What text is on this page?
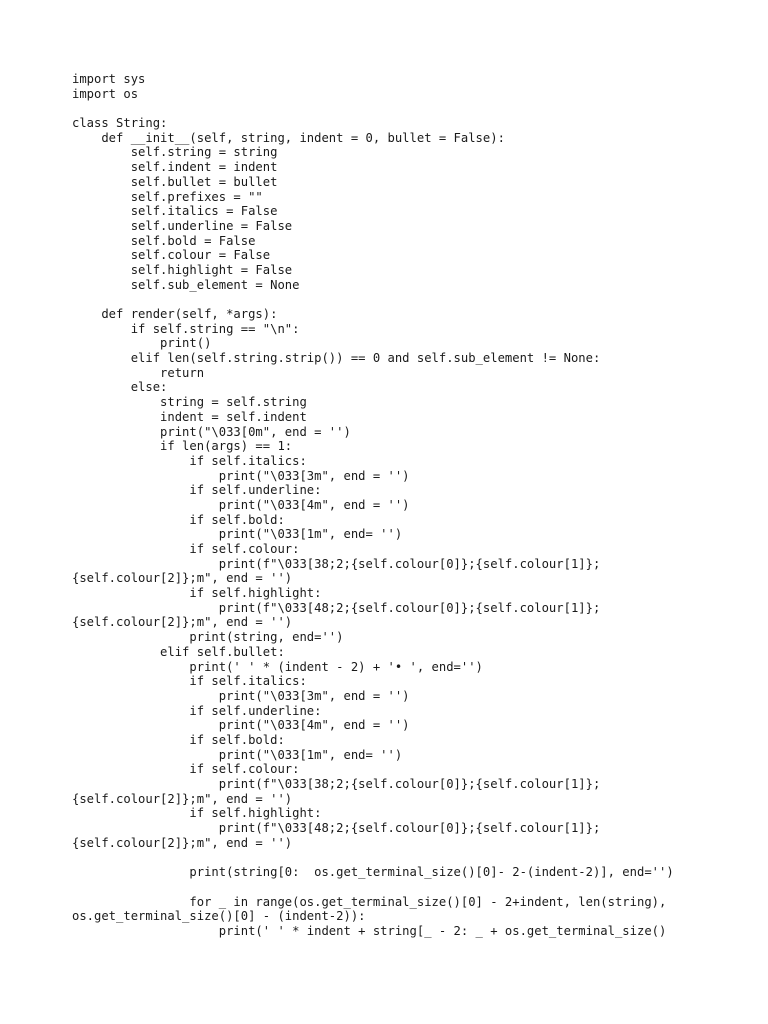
import sys
import os
class String:
def __init__(self, string, indent = 0, bullet = False):
self.string = string
self.indent = indent
self.bullet = bullet
self.prefixes = ""
self.italics = False
self.underline = False
self.bold = False
self.colour = False
self.highlight = False
self.sub_element = None
def render(self, *args):
if self.string == "\n":
print()
elif len(self.string.strip()) == 0 and self.sub_element != None:
return
else:
string = self.string
indent = self.indent
print("\033[0m", end = '')
if len(args) == 1:
if self.italics:
print("\033[3m", end = '')
if self.underline:
print("\033[4m", end = '')
if self.bold:
print("\033[1m", end= '')
if self.colour:
print(f"\033[38;2;{self.colour[0]};{self.colour[1]};
{self.colour[2]};m", end = '')
if self.highlight:
print(f"\033[48;2;{self.colour[0]};{self.colour[1]};
{self.colour[2]};m", end = '')
print(string, end='')
elif self.bullet:
print(' ' * (indent - 2) + '• ', end='')
if self.italics:
print("\033[3m", end = '')
if self.underline:
print("\033[4m", end = '')
if self.bold:
print("\033[1m", end= '')
if self.colour:
print(f"\033[38;2;{self.colour[0]};{self.colour[1]};
{self.colour[2]};m", end = '')
if self.highlight:
print(f"\033[48;2;{self.colour[0]};{self.colour[1]};
{self.colour[2]};m", end = '')
print(string[0:  os.get_terminal_size()[0]- 2-(indent-2)], end='')
for _ in range(os.get_terminal_size()[0] - 2+indent, len(string),
os.get_terminal_size()[0] - (indent-2)):
print(' ' * indent + string[_ - 2: _ + os.get_terminal_size()
